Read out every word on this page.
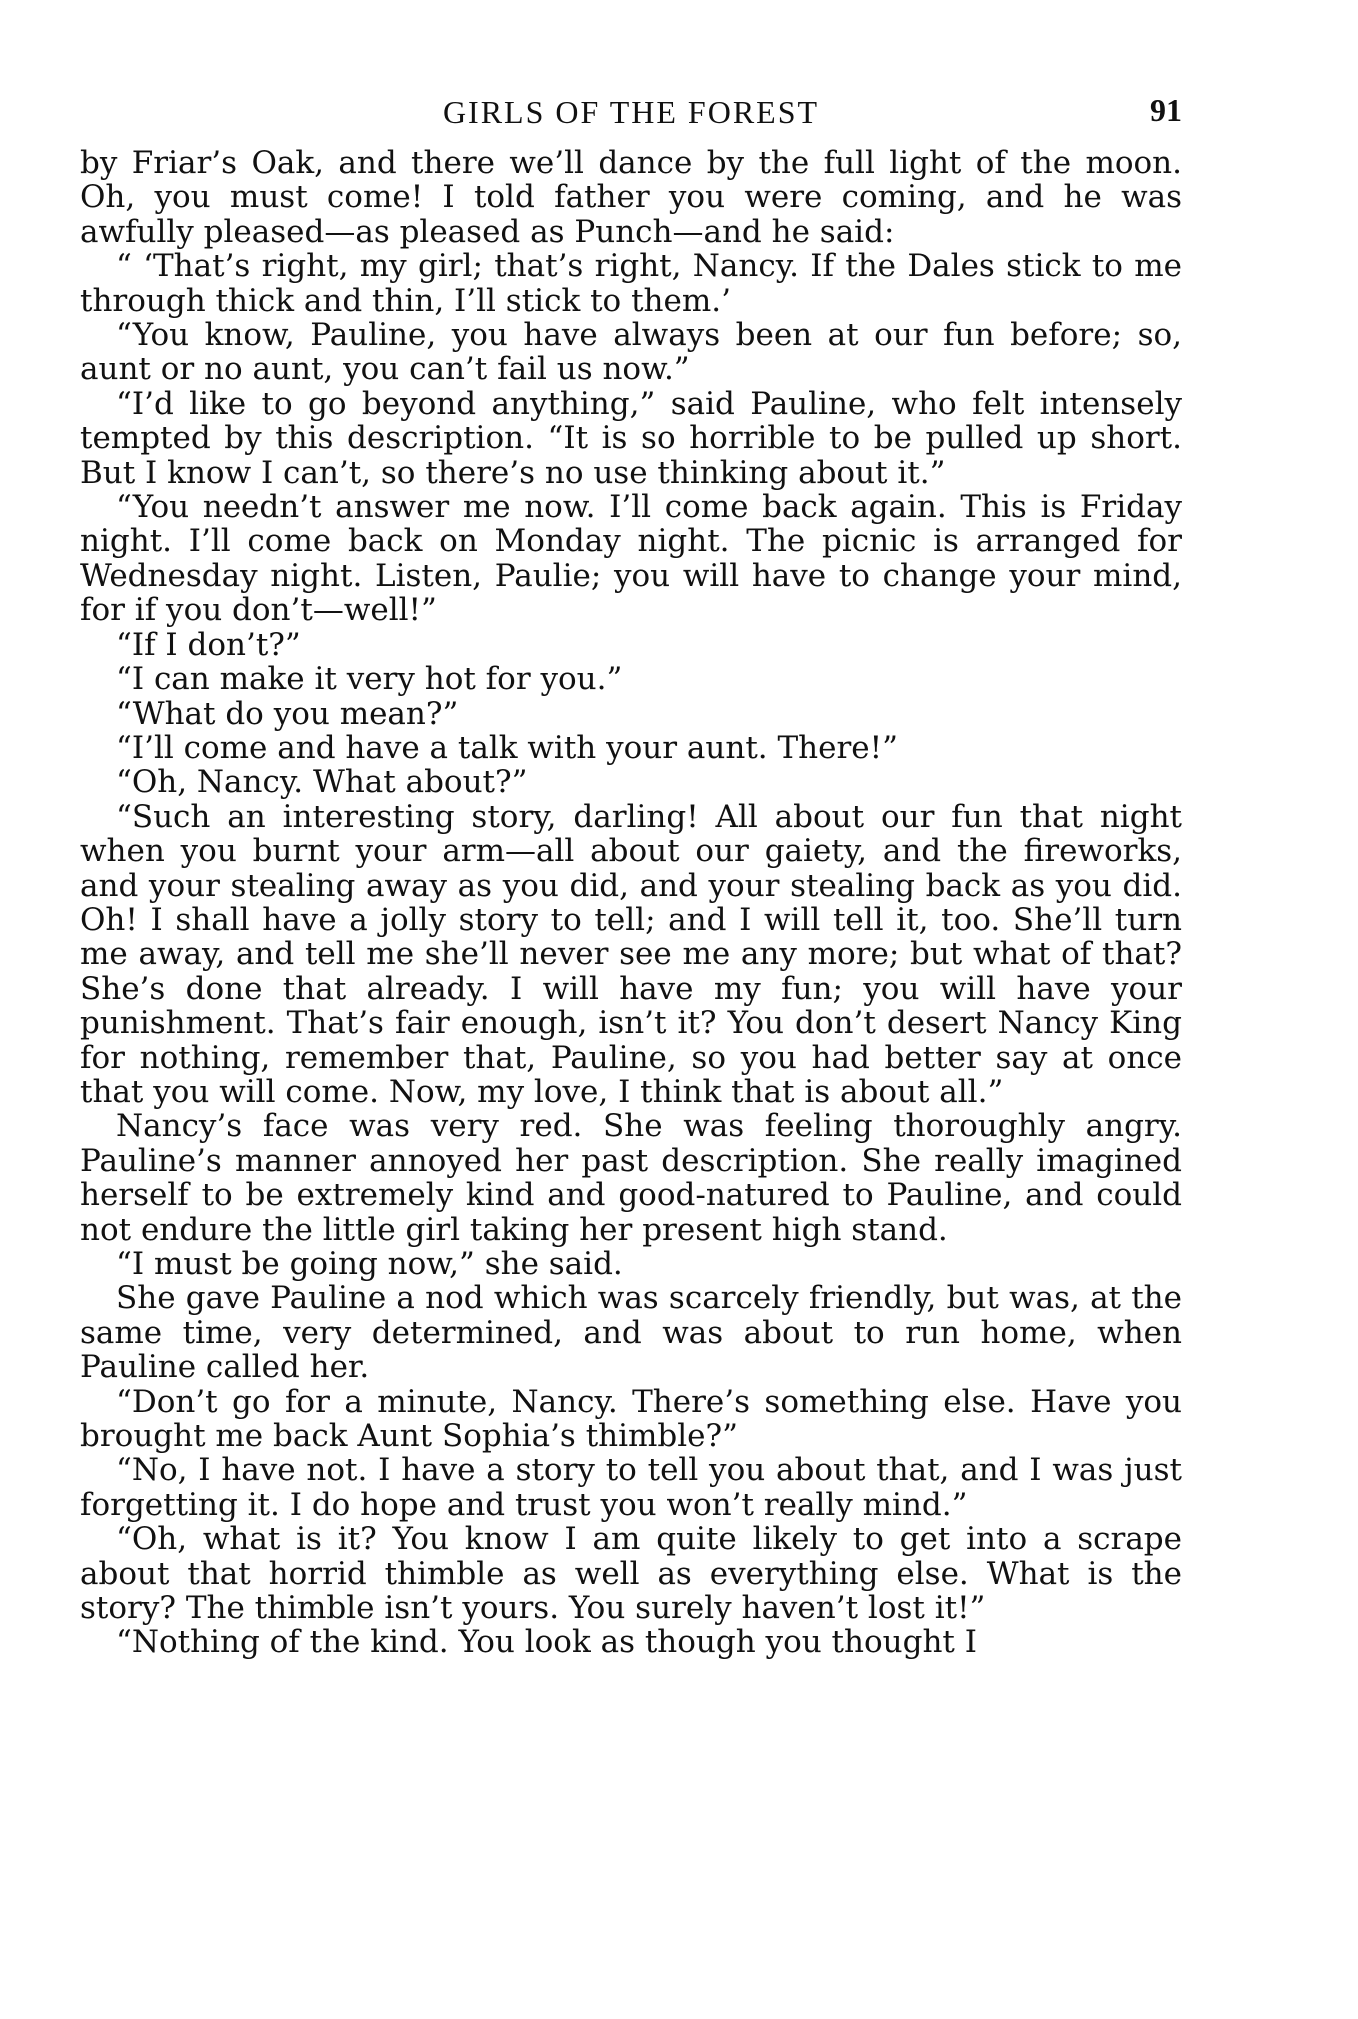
GIRLS OF THE FOREST	91

by Friar’s Oak, and there we’ll dance by the full light of the moon. Oh, you must come! I told father you were coming, and he was awfully pleased—as pleased as Punch—and he said:

“ ‘That’s right, my girl; that’s right, Nancy. If the Dales stick to me through thick and thin, I’ll stick to them.’

“You know, Pauline, you have always been at our fun before; so, aunt or no aunt, you can’t fail us now.”

“I’d like to go beyond anything,” said Pauline, who felt intensely tempted by this description. “It is so horrible to be pulled up short. But I know I can’t, so there’s no use thinking about it.”

“You needn’t answer me now. I’ll come back again. This is Friday night. I’ll come back on Monday night. The picnic is arranged for Wednesday night. Listen, Paulie; you will have to change your mind, for if you don’t—well!”

“If I don’t?”

“I can make it very hot for you.”

“What do you mean?”

“I’ll come and have a talk with your aunt. There!”

“Oh, Nancy. What about?”

“Such an interesting story, darling! All about our fun that night when you burnt your arm—all about our gaiety, and the fireworks, and your stealing away as you did, and your stealing back as you did. Oh! I shall have a jolly story to tell; and I will tell it, too. She’ll turn me away, and tell me she’ll never see me any more; but what of that? She’s done that already. I will have my fun; you will have your punishment. That’s fair enough, isn’t it? You don’t desert Nancy King for nothing, remember that, Pauline, so you had better say at once that you will come. Now, my love, I think that is about all.”

Nancy’s face was very red. She was feeling thoroughly angry. Pauline’s manner annoyed her past description. She really imagined herself to be extremely kind and good-natured to Pauline, and could not endure the little girl taking her present high stand.

“I must be going now,” she said.

She gave Pauline a nod which was scarcely friendly, but was, at the same time, very determined, and was about to run home, when Pauline called her.

“Don’t go for a minute, Nancy. There’s something else. Have you brought me back Aunt Sophia’s thimble?”

“No, I have not. I have a story to tell you about that, and I was just forgetting it. I do hope and trust you won’t really mind.”

“Oh, what is it? You know I am quite likely to get into a scrape about that horrid thimble as well as everything else. What is the story? The thimble isn’t yours. You surely haven’t lost it!”

“Nothing of the kind. You look as though you thought I
